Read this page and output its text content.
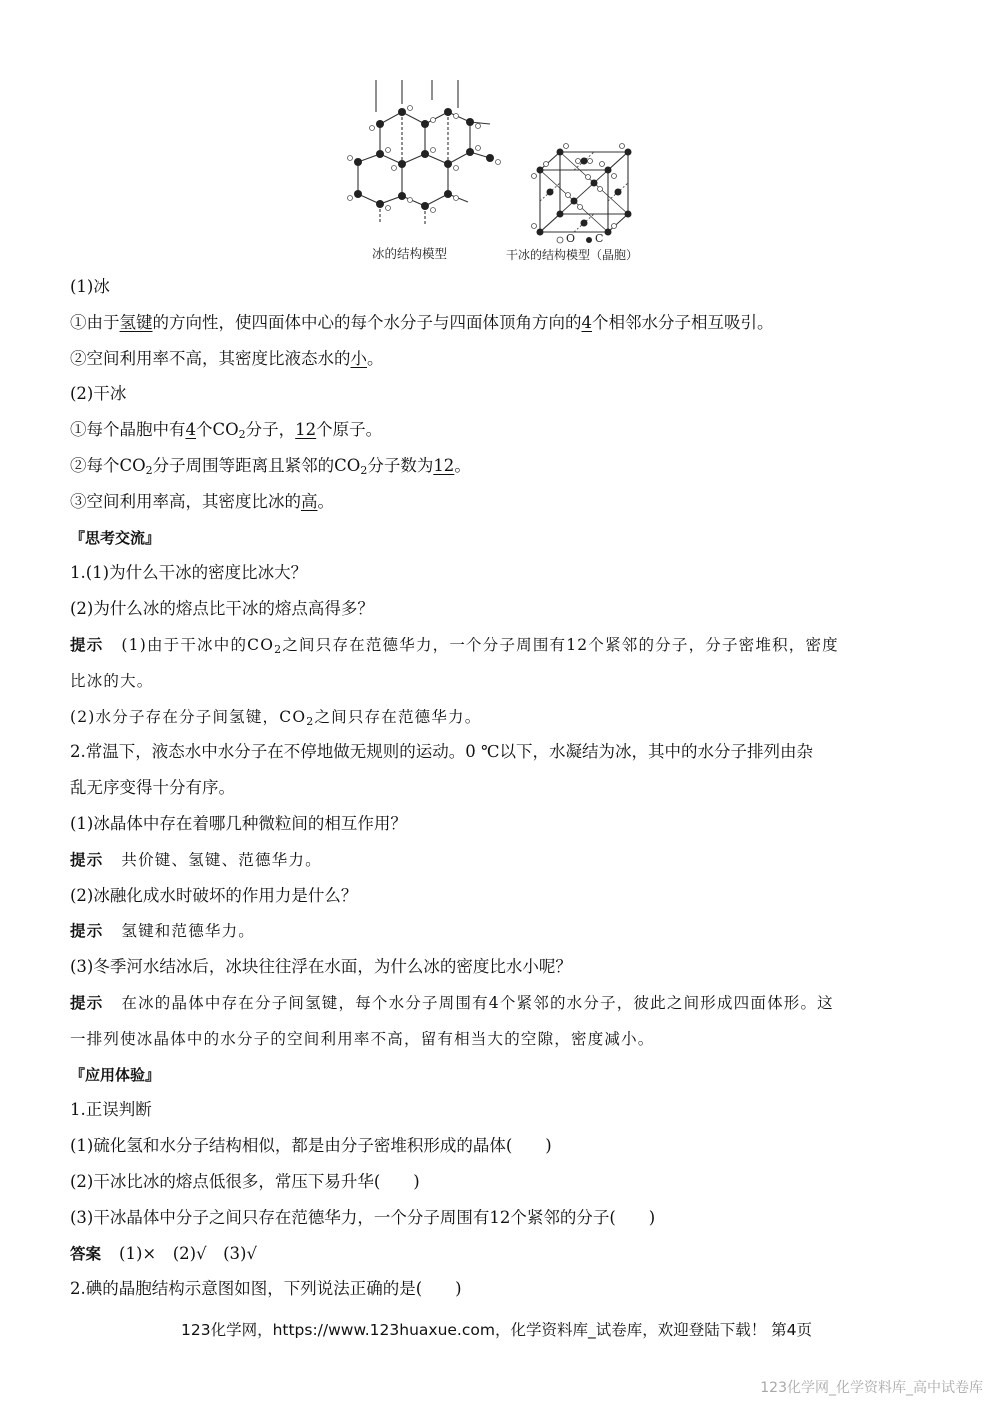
冰的结构模型	干冰的结构模型（晶胞）
O C
(1)冰
①由于氢键的方向性，使四面体中心的每个水分子与四面体顶角方向的4个相邻水分子相互吸引。
②空间利用率不高，其密度比液态水的小。
(2)干冰
①每个晶胞中有4个$CO_2$分子，12个原子。
②每个$CO_2$分子周围等距离且紧邻的$CO_2$分子数为12。
③空间利用率高，其密度比冰的高。
『思考交流』
1.(1)为什么干冰的密度比冰大？
(2)为什么冰的熔点比干冰的熔点高得多？
提示 (1)由于干冰中的$CO_2$之间只存在范德华力，一个分子周围有12个紧邻的分子，分子密堆积，密度
比冰的大。
(2)水分子存在分子间氢键，$CO_2$之间只存在范德华力。
2.常温下，液态水中水分子在不停地做无规则的运动。0 ℃以下，水凝结为冰，其中的水分子排列由杂
乱无序变得十分有序。
(1)冰晶体中存在着哪几种微粒间的相互作用？
提示 共价键、氢键、范德华力。
(2)冰融化成水时破坏的作用力是什么？
提示 氢键和范德华力。
(3)冬季河水结冰后，冰块往往浮在水面，为什么冰的密度比水小呢？
提示 在冰的晶体中存在分子间氢键，每个水分子周围有4个紧邻的水分子，彼此之间形成四面体形。这
一排列使冰晶体中的水分子的空间利用率不高，留有相当大的空隙，密度减小。
『应用体验』
1.正误判断
(1)硫化氢和水分子结构相似，都是由分子密堆积形成的晶体(　　)
(2)干冰比冰的熔点低很多，常压下易升华(　　)
(3)干冰晶体中分子之间只存在范德华力，一个分子周围有12个紧邻的分子(　　)
答案 (1)×　(2)√　(3)√
2.碘的晶胞结构示意图如图，下列说法正确的是(　　)
123化学网，https://www.123huaxue.com，化学资料库_试卷库，欢迎登陆下载！ 第4页
123化学网_化学资料库_高中试卷库
